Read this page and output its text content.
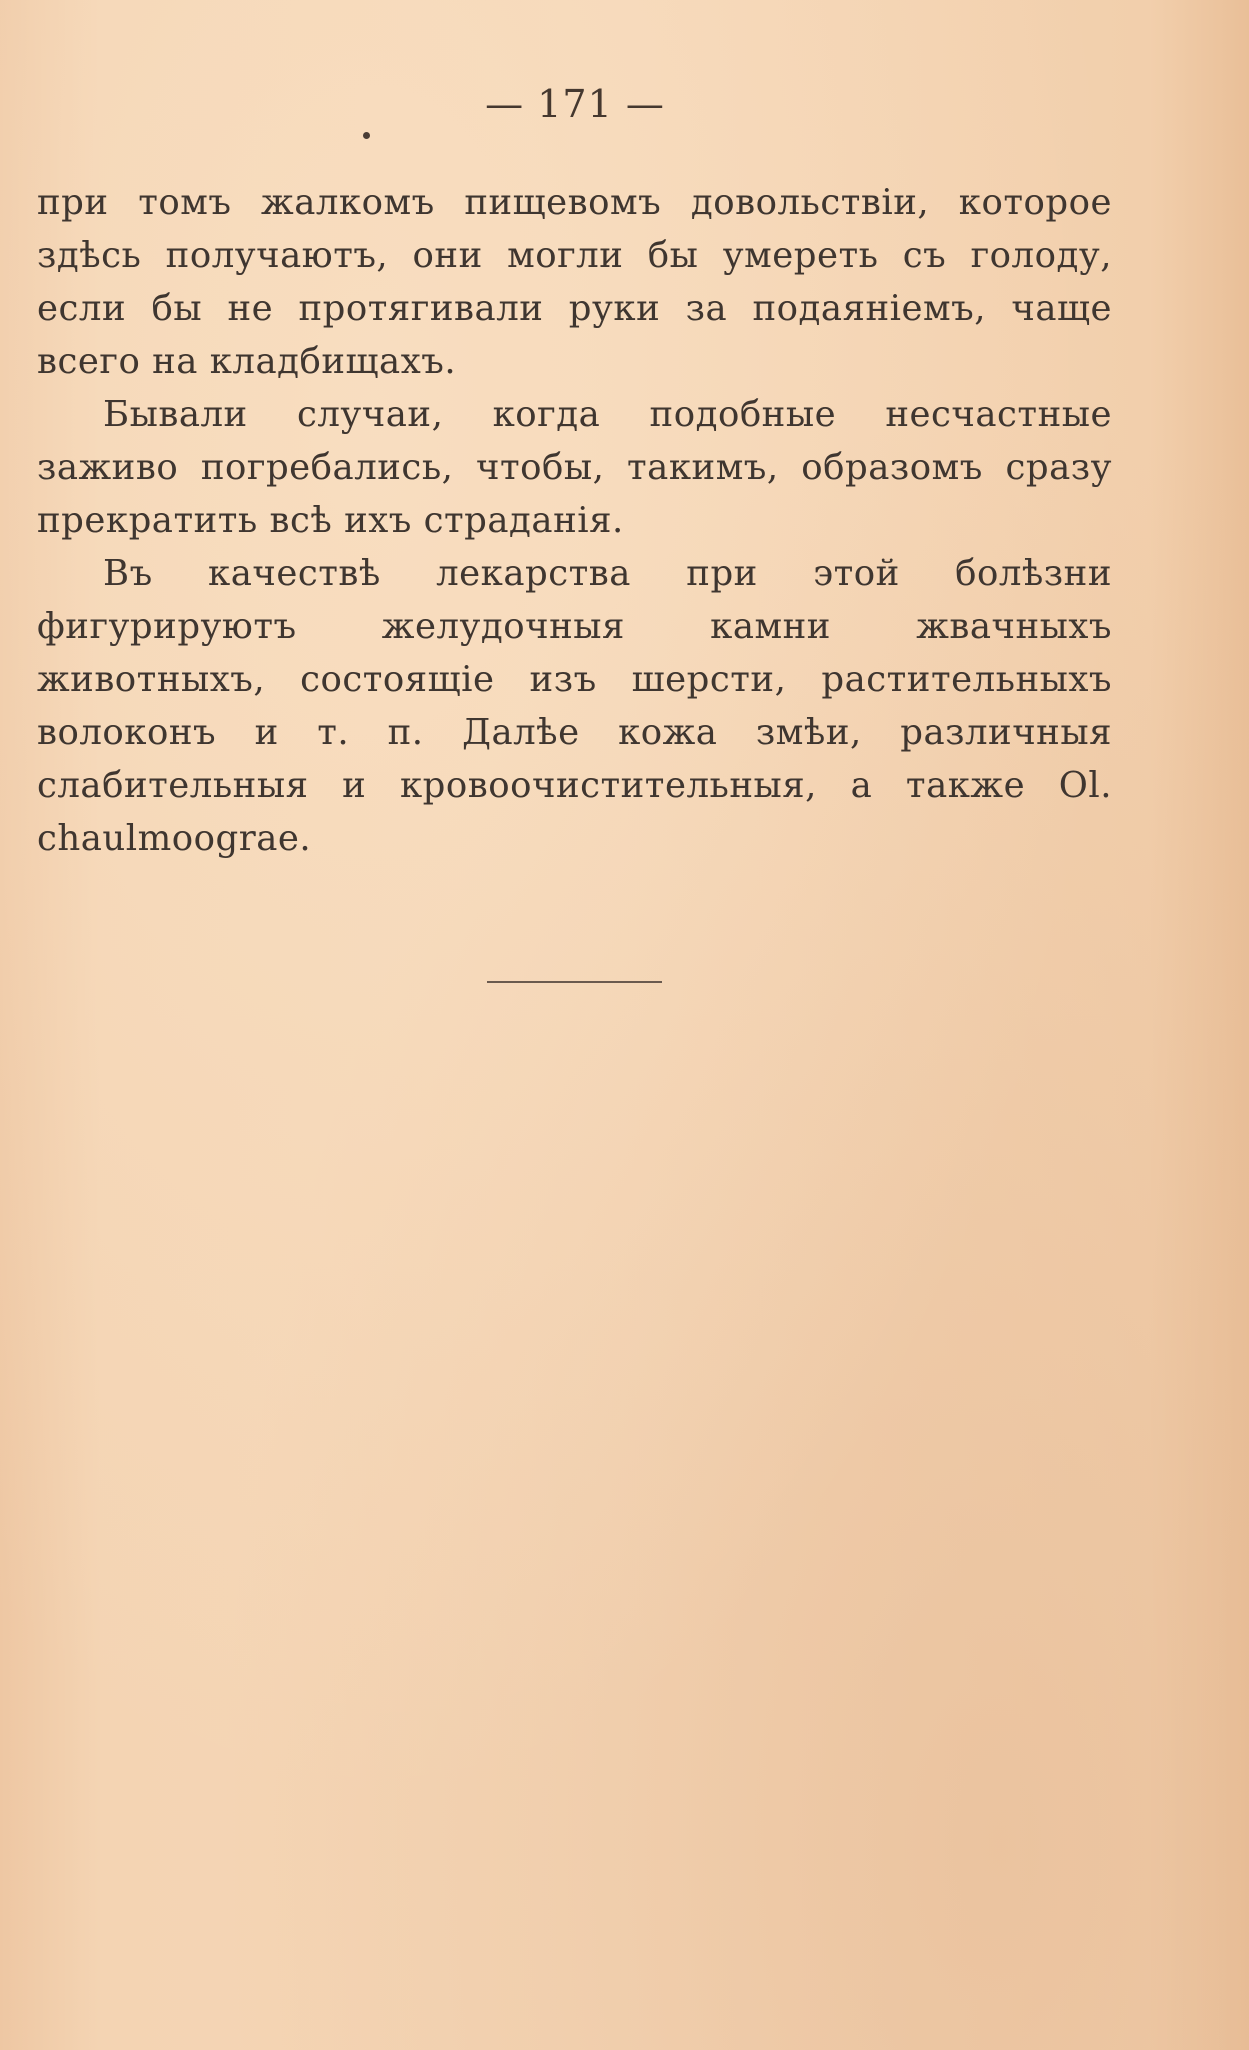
— 171 —

при томъ жалкомъ пищевомъ довольствiи, которое здѣсь получаютъ, они могли бы умереть съ голоду, если бы не протягивали руки за подаянiемъ, чаще всего на кладбищахъ.

Бывали случаи, когда подобные несчастные заживо погребались, чтобы, такимъ, образомъ сразу прекратить всѣ ихъ страданiя.

Въ качествѣ лекарства при этой болѣзни фигурируютъ желудочныя камни жвачныхъ животныхъ, состоящiе изъ шерсти, растительныхъ волоконъ и т. п. Далѣе кожа змѣи, различныя слабительныя и кровоочистительныя, а также Ol. chaulmoograe.
